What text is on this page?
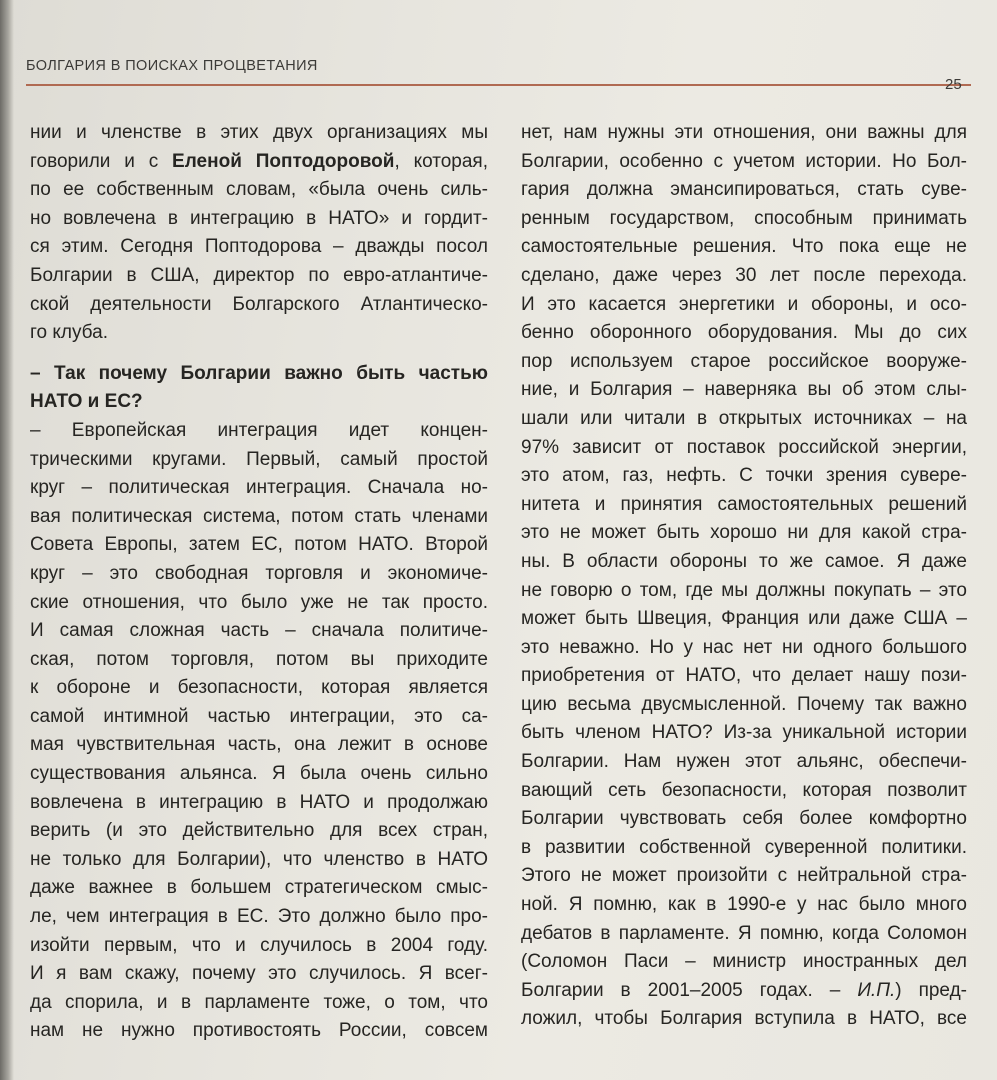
БОЛГАРИЯ В ПОИСКАХ ПРОЦВЕТАНИЯ
25
нии и членстве в этих двух организациях мы
говорили и с Еленой Поптодоровой, которая,
по ее собственным словам, «была очень силь-
но вовлечена в интеграцию в НАТО» и гордит-
ся этим. Сегодня Поптодорова – дважды посол
Болгарии в США, директор по евро-атлантиче-
ской деятельности Болгарского Атлантическо-
го клуба.
– Так почему Болгарии важно быть частью
НАТО и ЕС?
– Европейская интеграция идет концен-
трическими кругами. Первый, самый простой
круг – политическая интеграция. Сначала но-
вая политическая система, потом стать членами
Совета Европы, затем ЕС, потом НАТО. Второй
круг – это свободная торговля и экономиче-
ские отношения, что было уже не так просто.
И самая сложная часть – сначала политиче-
ская, потом торговля, потом вы приходите
к обороне и безопасности, которая является
самой интимной частью интеграции, это са-
мая чувствительная часть, она лежит в основе
существования альянса. Я была очень сильно
вовлечена в интеграцию в НАТО и продолжаю
верить (и это действительно для всех стран,
не только для Болгарии), что членство в НАТО
даже важнее в большем стратегическом смыс-
ле, чем интеграция в ЕС. Это должно было про-
изойти первым, что и случилось в 2004 году.
И я вам скажу, почему это случилось. Я всег-
да спорила, и в парламенте тоже, о том, что
нам не нужно противостоять России, совсем
нет, нам нужны эти отношения, они важны для
Болгарии, особенно с учетом истории. Но Бол-
гария должна эмансипироваться, стать суве-
ренным государством, способным принимать
самостоятельные решения. Что пока еще не
сделано, даже через 30 лет после перехода.
И это касается энергетики и обороны, и осо-
бенно оборонного оборудования. Мы до сих
пор используем старое российское вооруже-
ние, и Болгария – наверняка вы об этом слы-
шали или читали в открытых источниках – на
97% зависит от поставок российской энергии,
это атом, газ, нефть. С точки зрения сувере-
нитета и принятия самостоятельных решений
это не может быть хорошо ни для какой стра-
ны. В области обороны то же самое. Я даже
не говорю о том, где мы должны покупать – это
может быть Швеция, Франция или даже США –
это неважно. Но у нас нет ни одного большого
приобретения от НАТО, что делает нашу пози-
цию весьма двусмысленной. Почему так важно
быть членом НАТО? Из-за уникальной истории
Болгарии. Нам нужен этот альянс, обеспечи-
вающий сеть безопасности, которая позволит
Болгарии чувствовать себя более комфортно
в развитии собственной суверенной политики.
Этого не может произойти с нейтральной стра-
ной. Я помню, как в 1990-е у нас было много
дебатов в парламенте. Я помню, когда Соломон
(Соломон Паси – министр иностранных дел
Болгарии в 2001–2005 годах. – И.П.) пред-
ложил, чтобы Болгария вступила в НАТО, все
